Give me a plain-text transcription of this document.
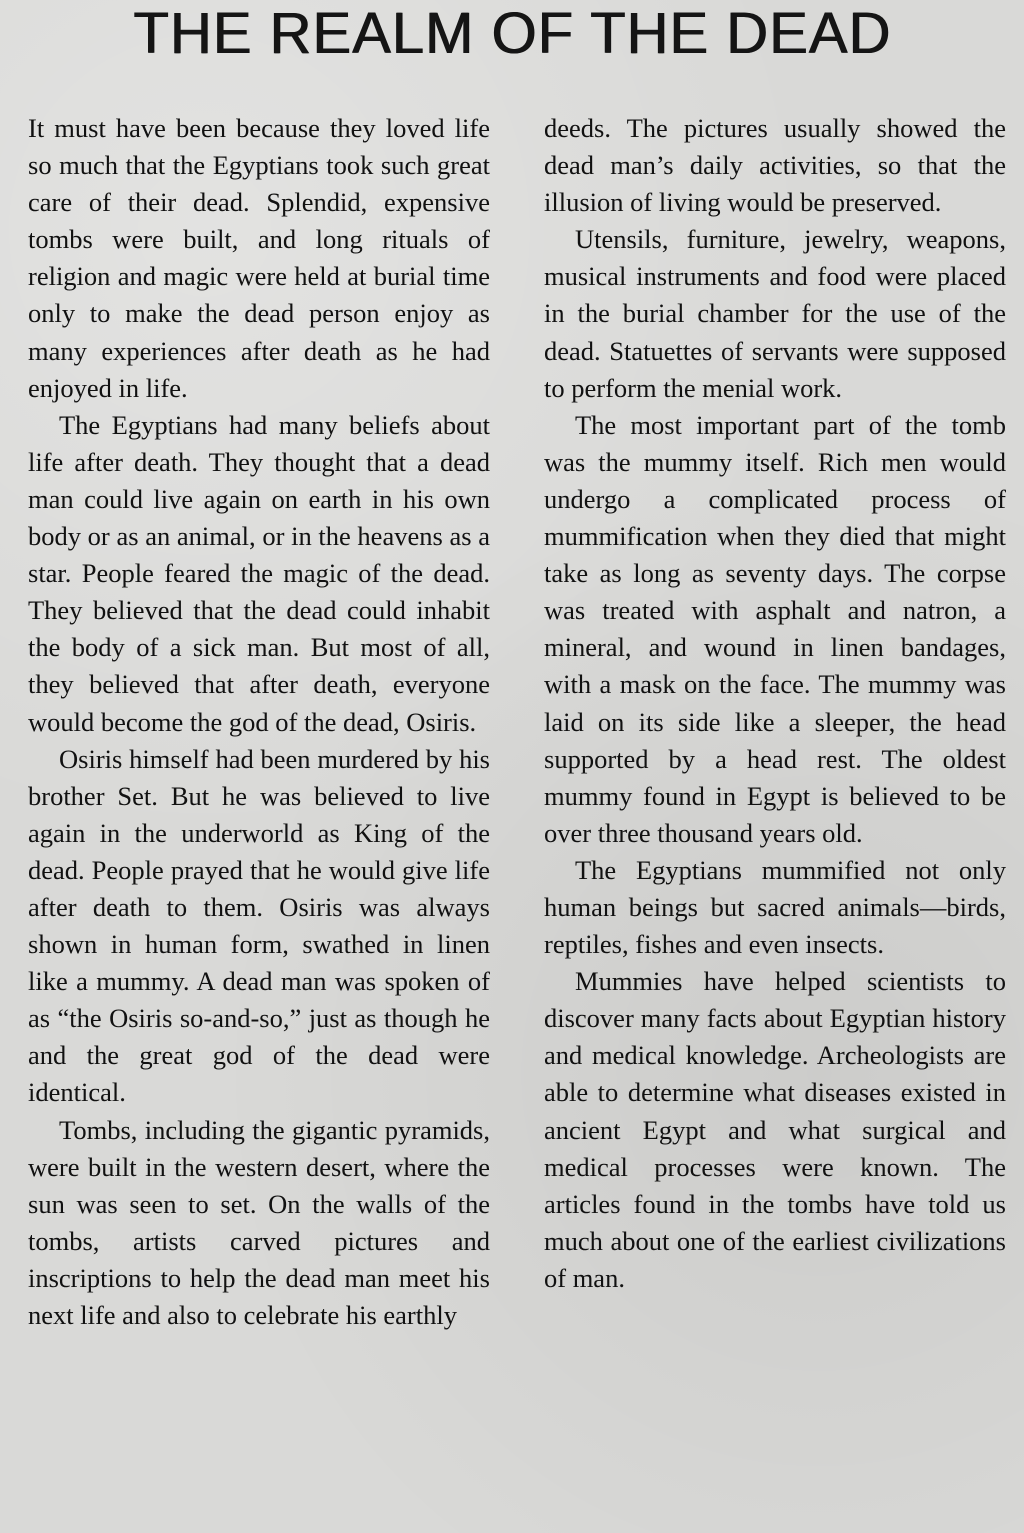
THE REALM OF THE DEAD

It must have been because they loved life so much that the Egyptians took such great care of their dead. Splendid, expensive tombs were built, and long rituals of religion and magic were held at burial time only to make the dead person enjoy as many experiences after death as he had enjoyed in life.

The Egyptians had many beliefs about life after death. They thought that a dead man could live again on earth in his own body or as an animal, or in the heavens as a star. People feared the magic of the dead. They believed that the dead could inhabit the body of a sick man. But most of all, they believed that after death, everyone would become the god of the dead, Osiris.

Osiris himself had been murdered by his brother Set. But he was believed to live again in the underworld as King of the dead. People prayed that he would give life after death to them. Osiris was always shown in human form, swathed in linen like a mummy. A dead man was spoken of as “the Osiris so-and-so,” just as though he and the great god of the dead were identical.

Tombs, including the gigantic pyramids, were built in the western desert, where the sun was seen to set. On the walls of the tombs, artists carved pictures and inscriptions to help the dead man meet his next life and also to celebrate his earthly

deeds. The pictures usually showed the dead man’s daily activities, so that the illusion of living would be preserved.

Utensils, furniture, jewelry, weapons, musical instruments and food were placed in the burial chamber for the use of the dead. Statuettes of servants were supposed to perform the menial work.

The most important part of the tomb was the mummy itself. Rich men would undergo a complicated process of mummification when they died that might take as long as seventy days. The corpse was treated with asphalt and natron, a mineral, and wound in linen bandages, with a mask on the face. The mummy was laid on its side like a sleeper, the head supported by a head rest. The oldest mummy found in Egypt is believed to be over three thousand years old.

The Egyptians mummified not only human beings but sacred animals—birds, reptiles, fishes and even insects.

Mummies have helped scientists to discover many facts about Egyptian history and medical knowledge. Archeologists are able to determine what diseases existed in ancient Egypt and what surgical and medical processes were known. The articles found in the tombs have told us much about one of the earliest civilizations of man.
